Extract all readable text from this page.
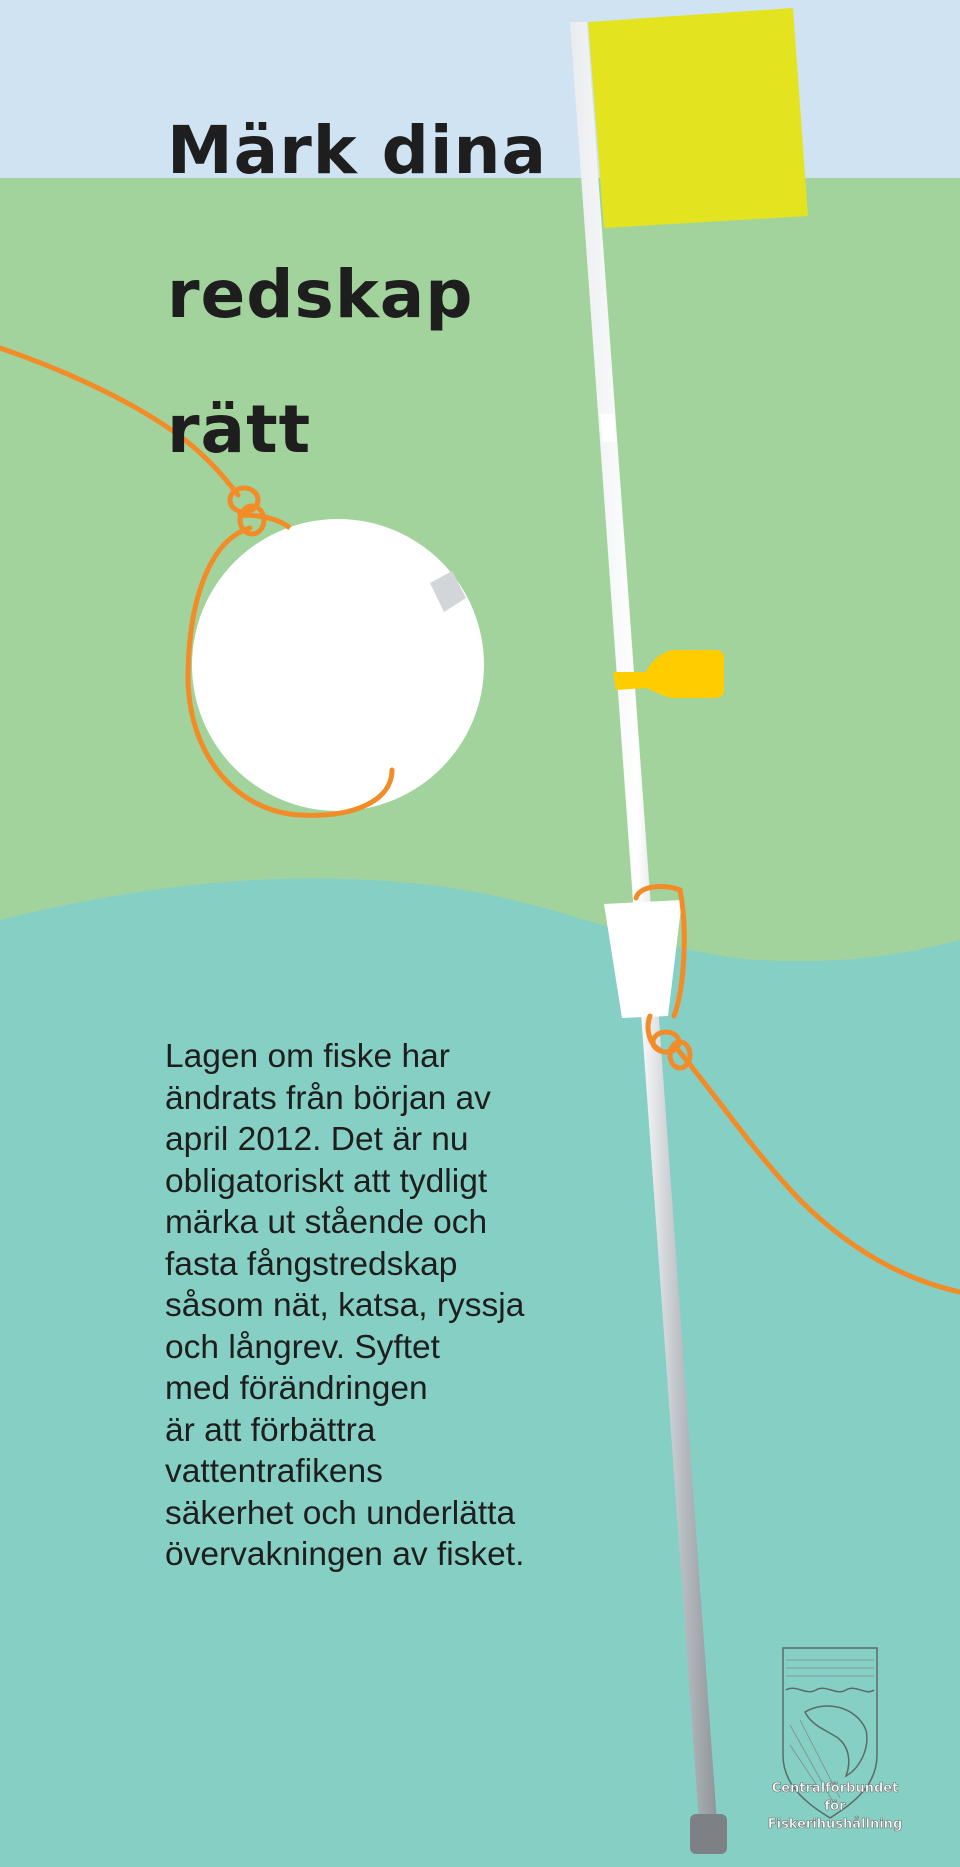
Märk dina
redskap
rätt

Lagen om fiske har
ändrats från början av
april 2012. Det är nu
obligatoriskt att tydligt
märka ut stående och
fasta fångstredskap
såsom nät, katsa, ryssja
och långrev. Syftet
med förändringen
är att förbättra
vattentrafikens
säkerhet och underlätta
övervakningen av fisket.

Centralförbundet
för
Fiskerihushållning
